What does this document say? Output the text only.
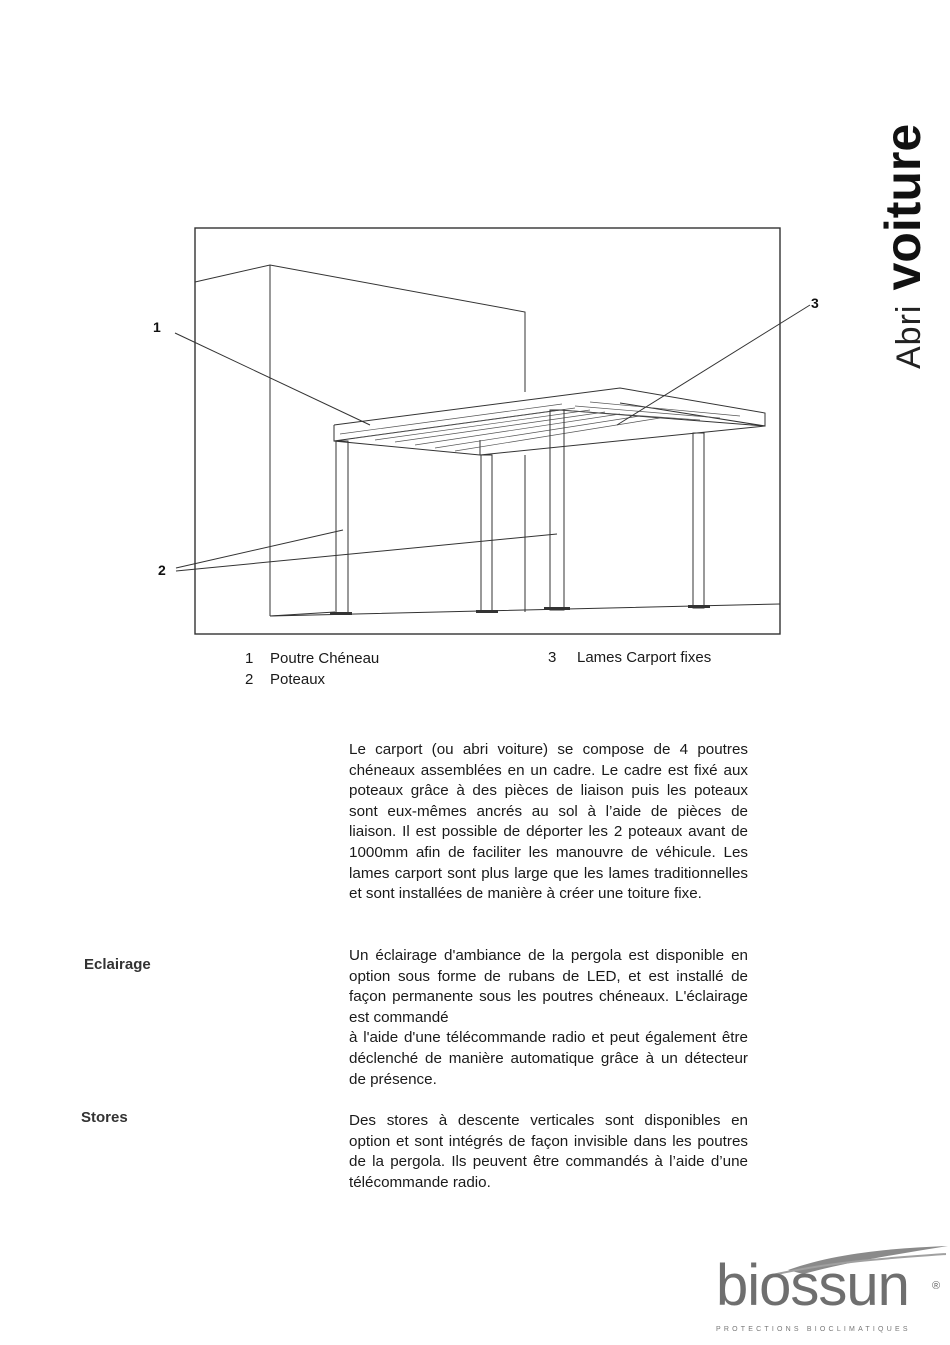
Abrivoiture
1
3
2
1 Poutre Chéneau
2 Poteaux
3 Lames Carport fixes
Le carport (ou abri voiture) se compose de 4 poutres chéneaux assemblées en un cadre. Le cadre est fixé aux poteaux grâce à des pièces de liaison puis les poteaux sont eux-mêmes ancrés au sol à l’aide de pièces de liaison. Il est possible de déporter les 2 poteaux avant de 1000mm afin de faciliter les manouvre de véhicule. Les lames carport sont plus large que les lames traditionnelles et sont installées de manière à créer une toiture fixe.
Eclairage
Un éclairage d'ambiance de la pergola est disponible en option sous forme de rubans de LED, et est installé de façon permanente sous les poutres chéneaux. L'éclairage est commandé
à l'aide d'une télécommande radio et peut également être déclenché de manière automatique grâce à un détecteur de présence.
Stores	Des stores à descente verticales sont disponibles en option et sont intégrés de façon invisible dans les poutres de la pergola. Ils peuvent être commandés à l’aide d’une télécommande radio.
biossun ®
PROTECTIONS BIOCLIMATIQUES
